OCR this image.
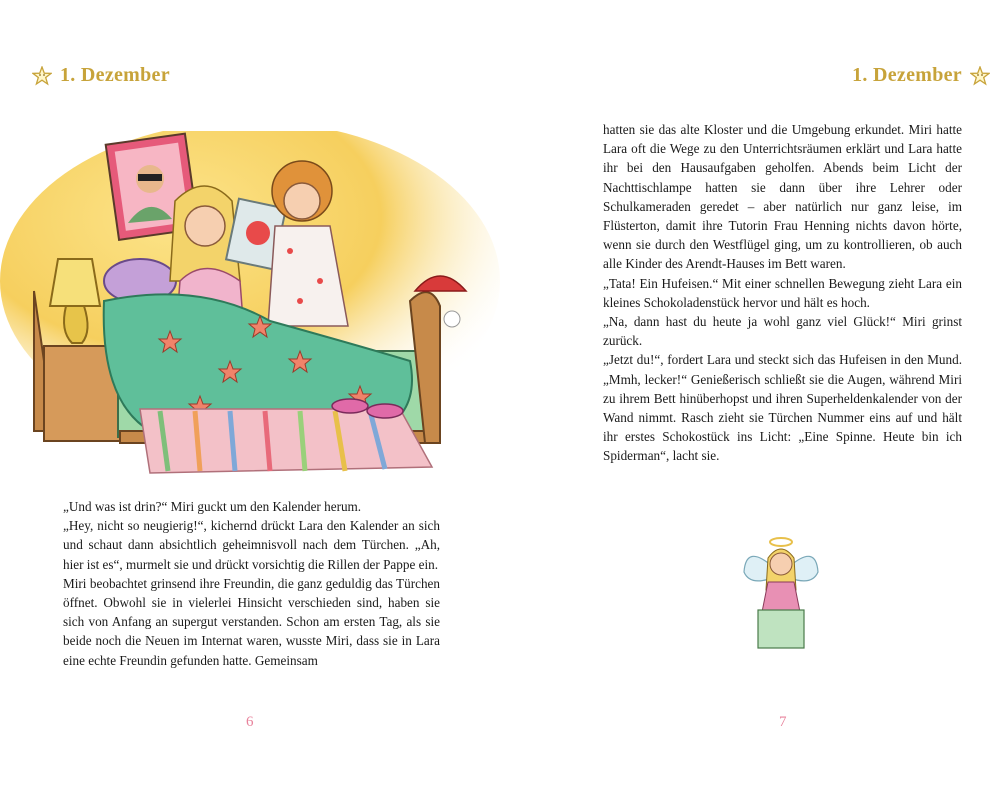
1. Dezember

„Und was ist drin?“ Miri guckt um den Kalender herum.

„Hey, nicht so neugierig!“, kichernd drückt Lara den Kalender an sich und schaut dann absichtlich geheimnisvoll nach dem Türchen. „Ah, hier ist es“, murmelt sie und drückt vorsichtig die Rillen der Pappe ein.

Miri beobachtet grinsend ihre Freundin, die ganz geduldig das Türchen öffnet. Obwohl sie in vielerlei Hinsicht verschieden sind, haben sie sich von Anfang an supergut verstanden. Schon am ersten Tag, als sie beide noch die Neuen im Internat waren, wusste Miri, dass sie in Lara eine echte Freundin gefunden hatte. Gemeinsam

6
1. Dezember

hatten sie das alte Kloster und die Umgebung erkundet. Miri hatte Lara oft die Wege zu den Unterrichtsräumen erklärt und Lara hatte ihr bei den Hausaufgaben geholfen. Abends beim Licht der Nachttischlampe hatten sie dann über ihre Lehrer oder Schulkameraden geredet – aber natürlich nur ganz leise, im Flüsterton, damit ihre Tutorin Frau Henning nichts davon hörte, wenn sie durch den Westflügel ging, um zu kontrollieren, ob auch alle Kinder des Arendt-Hauses im Bett waren.

„Tata! Ein Hufeisen.“ Mit einer schnellen Bewegung zieht Lara ein kleines Schokoladenstück hervor und hält es hoch.

„Na, dann hast du heute ja wohl ganz viel Glück!“ Miri grinst zurück.

„Jetzt du!“, fordert Lara und steckt sich das Hufeisen in den Mund. „Mmh, lecker!“ Genießerisch schließt sie die Augen, während Miri zu ihrem Bett hinüberhopst und ihren Superheldenkalender von der Wand nimmt. Rasch zieht sie Türchen Nummer eins auf und hält ihr erstes Schokostück ins Licht: „Eine Spinne. Heute bin ich Spiderman“, lacht sie.

7
